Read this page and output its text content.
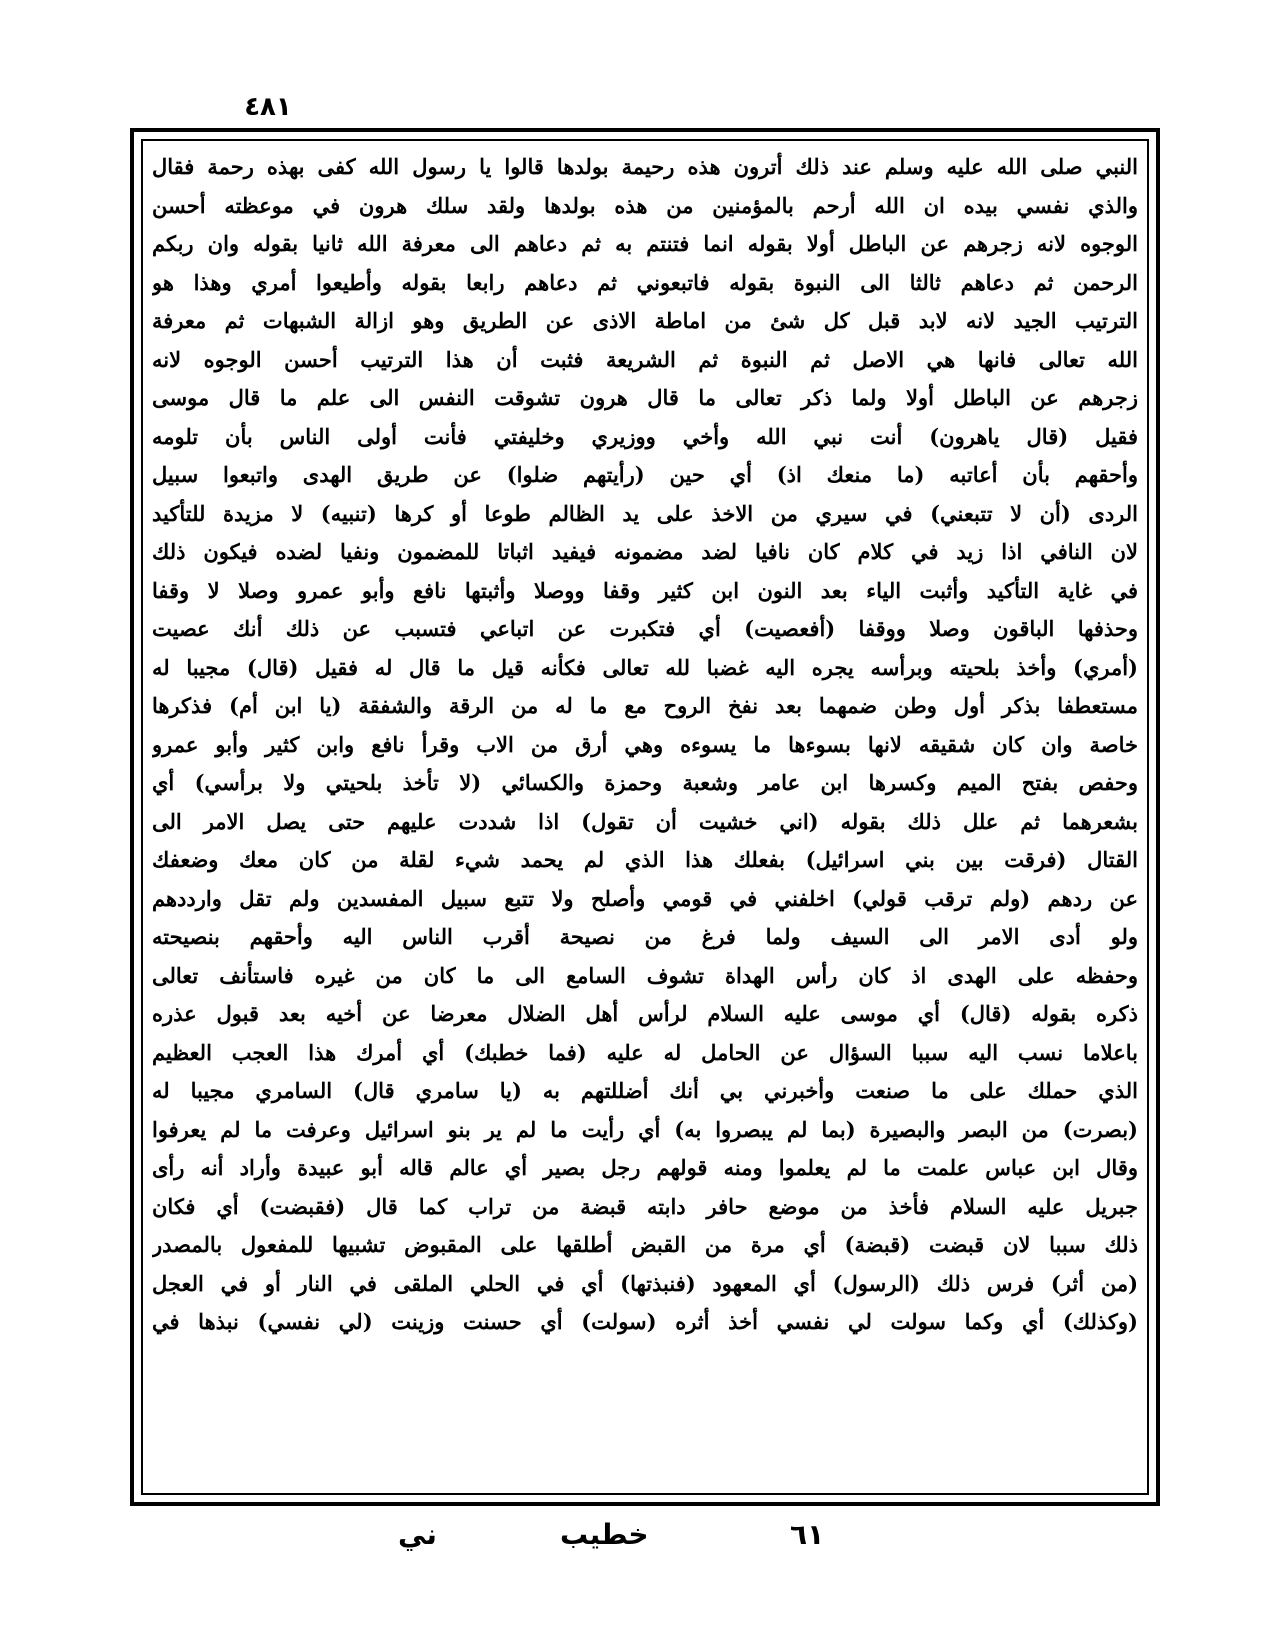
٤٨١
النبي صلى الله عليه وسلم عند ذلك أترون هذه رحيمة بولدها قالوا يا رسول الله كفى بهذه رحمة فقال
والذي نفسي بيده ان الله أرحم بالمؤمنين من هذه بولدها ولقد سلك هرون في موعظته أحسن
الوجوه لانه زجرهم عن الباطل أولا بقوله انما فتنتم به ثم دعاهم الى معرفة الله ثانيا بقوله وان ربكم
الرحمن ثم دعاهم ثالثا الى النبوة بقوله فاتبعوني ثم دعاهم رابعا بقوله وأطيعوا أمري وهذا هو
الترتيب الجيد لانه لابد قبل كل شئ من اماطة الاذى عن الطريق وهو ازالة الشبهات ثم معرفة
الله تعالى فانها هي الاصل ثم النبوة ثم الشريعة فثبت أن هذا الترتيب أحسن الوجوه لانه
زجرهم عن الباطل أولا ولما ذكر تعالى ما قال هرون تشوقت النفس الى علم ما قال موسى
فقيل (قال ياهرون) أنت نبي الله وأخي ووزيري وخليفتي فأنت أولى الناس بأن تلومه
وأحقهم بأن أعاتبه (ما منعك اذ) أي حين (رأيتهم ضلوا) عن طريق الهدى واتبعوا سبيل
الردى (أن لا تتبعني) في سيري من الاخذ على يد الظالم طوعا أو كرها (تنبيه) لا مزيدة للتأكيد
لان النافي اذا زيد في كلام كان نافيا لضد مضمونه فيفيد اثباتا للمضمون ونفيا لضده فيكون ذلك
في غاية التأكيد وأثبت الياء بعد النون ابن كثير وقفا ووصلا وأثبتها نافع وأبو عمرو وصلا لا وقفا
وحذفها الباقون وصلا ووقفا (أفعصيت) أي فتكبرت عن اتباعي فتسبب عن ذلك أنك عصيت
(أمري) وأخذ بلحيته وبرأسه يجره اليه غضبا لله تعالى فكأنه قيل ما قال له فقيل (قال) مجيبا له
مستعطفا بذكر أول وطن ضمهما بعد نفخ الروح مع ما له من الرقة والشفقة (يا ابن أم) فذكرها
خاصة وان كان شقيقه لانها بسوءها ما يسوءه وهي أرق من الاب وقرأ نافع وابن كثير وأبو عمرو
وحفص بفتح الميم وكسرها ابن عامر وشعبة وحمزة والكسائي (لا تأخذ بلحيتي ولا برأسي) أي
بشعرهما ثم علل ذلك بقوله (اني خشيت أن تقول) اذا شددت عليهم حتى يصل الامر الى
القتال (فرقت بين بني اسرائيل) بفعلك هذا الذي لم يحمد شيء لقلة من كان معك وضعفك
عن ردهم (ولم ترقب قولي) اخلفني في قومي وأصلح ولا تتبع سبيل المفسدين ولم تقل وارددهم
ولو أدى الامر الى السيف ولما فرغ من نصيحة أقرب الناس اليه وأحقهم بنصيحته
وحفظه على الهدى اذ كان رأس الهداة تشوف السامع الى ما كان من غيره فاستأنف تعالى
ذكره بقوله (قال) أي موسى عليه السلام لرأس أهل الضلال معرضا عن أخيه بعد قبول عذره
باعلاما نسب اليه سببا السؤال عن الحامل له عليه (فما خطبك) أي أمرك هذا العجب العظيم
الذي حملك على ما صنعت وأخبرني بي أنك أضللتهم به (يا سامري قال) السامري مجيبا له
(بصرت) من البصر والبصيرة (بما لم يبصروا به) أي رأيت ما لم ير بنو اسرائيل وعرفت ما لم يعرفوا
وقال ابن عباس علمت ما لم يعلموا ومنه قولهم رجل بصير أي عالم قاله أبو عبيدة وأراد أنه رأى
جبريل عليه السلام فأخذ من موضع حافر دابته قبضة من تراب كما قال (فقبضت) أي فكان
ذلك سببا لان قبضت (قبضة) أي مرة من القبض أطلقها على المقبوض تشبيها للمفعول بالمصدر
(من أثر) فرس ذلك (الرسول) أي المعهود (فنبذتها) أي في الحلي الملقى في النار أو في العجل
(وكذلك) أي وكما سولت لي نفسي أخذ أثره (سولت) أي حسنت وزينت (لي نفسي) نبذها في
٦١
خطيب
ني
